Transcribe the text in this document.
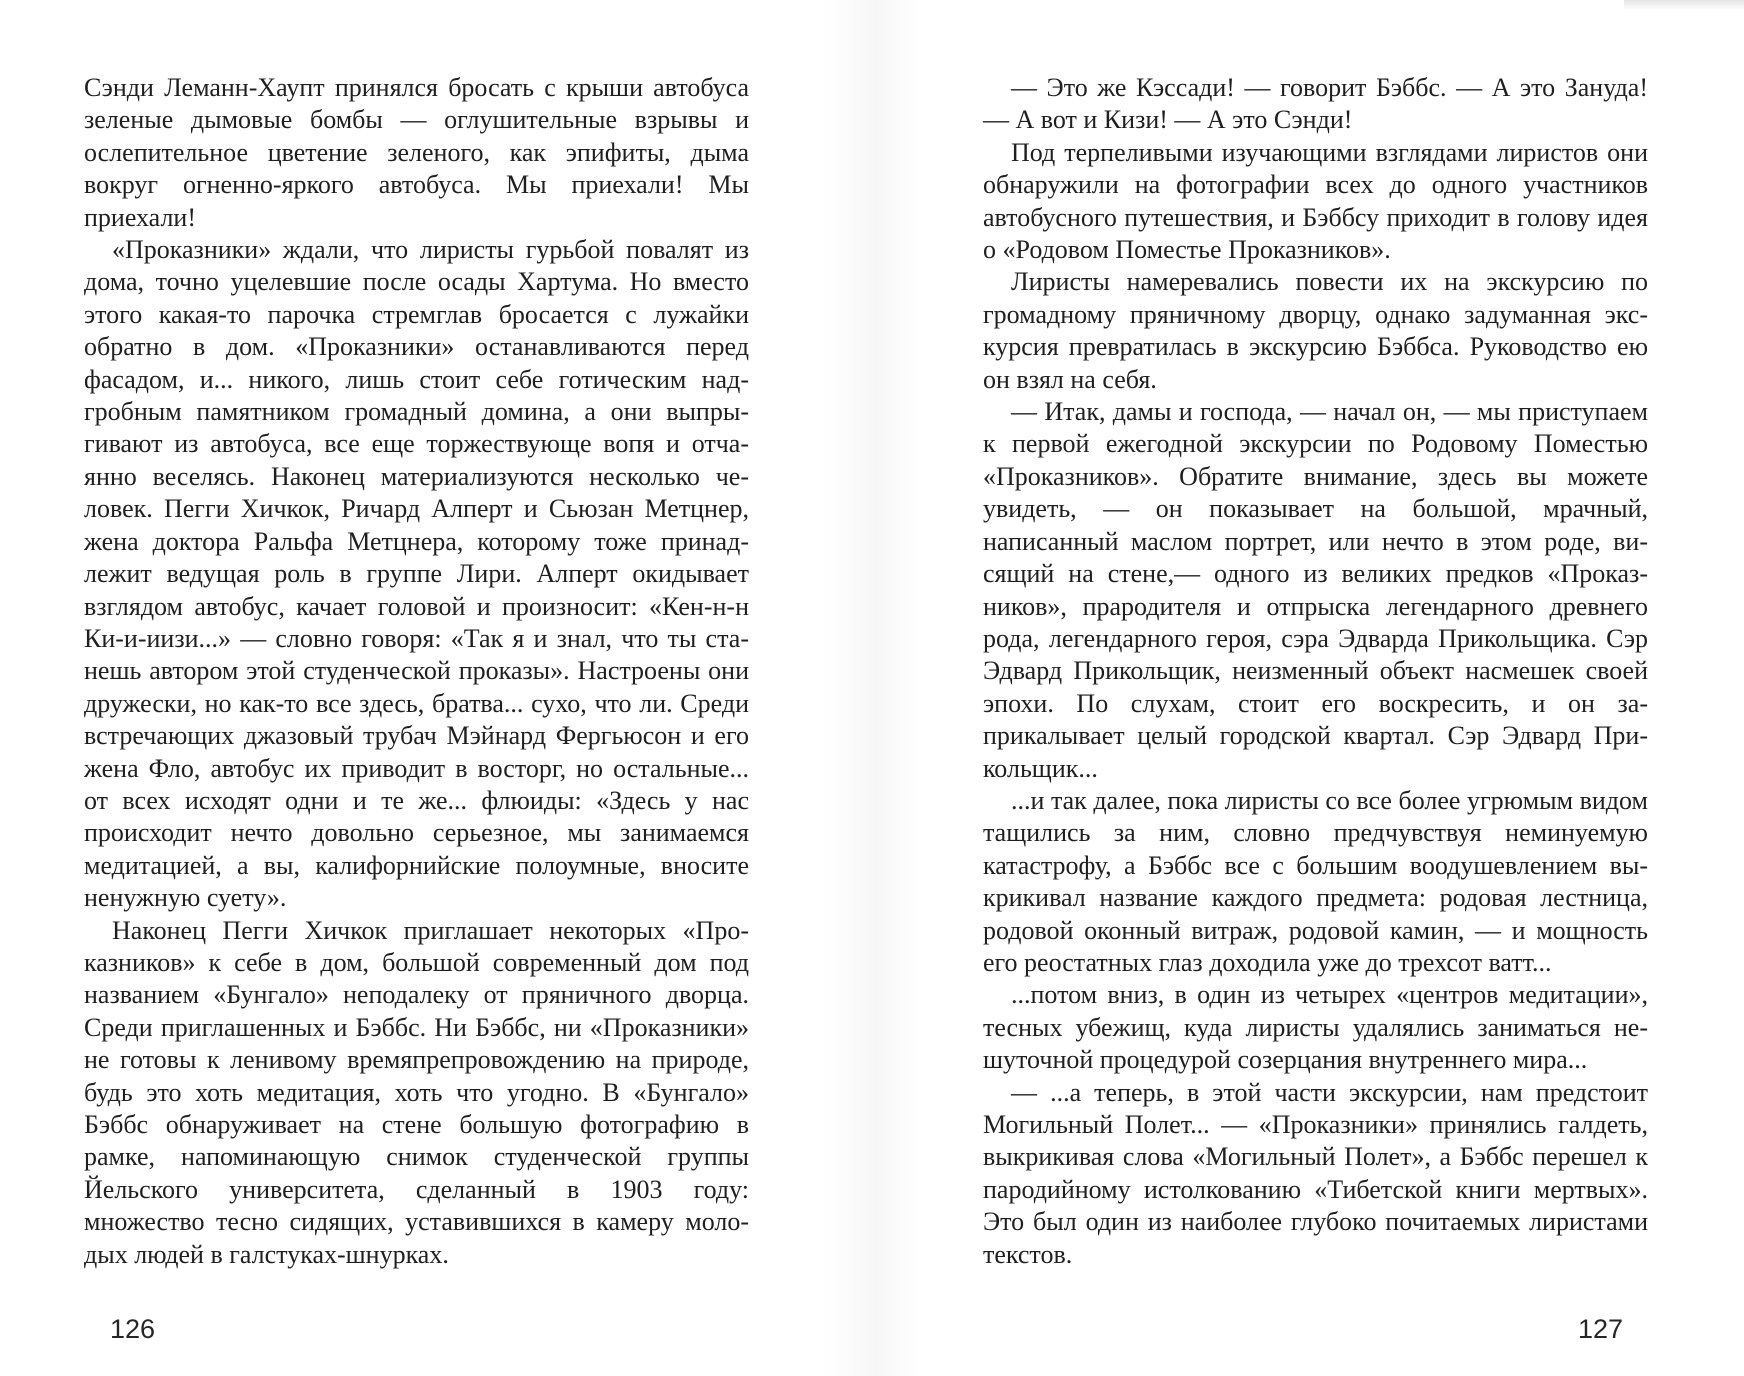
Сэнди Леманн-Хаупт принялся бросать с крыши автобуса зеленые дымовые бомбы — оглушительные взрывы и ослепительное цветение зеленого, как эпифиты, дыма вокруг огненно-яркого автобуса. Мы приехали! Мы приехали!

«Проказники» ждали, что лиристы гурьбой повалят из дома, точно уцелевшие после осады Хартума. Но вместо этого какая-то парочка стремглав бросается с лужайки обратно в дом. «Проказники» останавливаются перед фасадом, и... никого, лишь стоит себе готическим надгробным памятником громадный домина, а они выпрыгивают из автобуса, все еще торжествующе вопя и отчаянно веселясь. Наконец материализуются несколько человек. Пегги Хичкок, Ричард Алперт и Сьюзан Метцнер, жена доктора Ральфа Метцнера, которому тоже принадлежит ведущая роль в группе Лири. Алперт окидывает взглядом автобус, качает головой и произносит: «Кен-н-н Ки-и-иизи...» — словно говоря: «Так я и знал, что ты станешь автором этой студенческой проказы». Настроены они дружески, но как-то все здесь, братва... сухо, что ли. Среди встречающих джазовый трубач Мэйнард Фергьюсон и его жена Фло, автобус их приводит в восторг, но остальные... от всех исходят одни и те же... флюиды: «Здесь у нас происходит нечто довольно серьезное, мы занимаемся медитацией, а вы, калифорнийские полоумные, вносите ненужную суету».

Наконец Пегги Хичкок приглашает некоторых «Проказников» к себе в дом, большой современный дом под названием «Бунгало» неподалеку от пряничного дворца. Среди приглашенных и Бэббс. Ни Бэббс, ни «Проказники» не готовы к ленивому времяпрепровождению на природе, будь это хоть медитация, хоть что угодно. В «Бунгало» Бэббс обнаруживает на стене большую фотографию в рамке, напоминающую снимок студенческой группы Йельского университета, сделанный в 1903 году: множество тесно сидящих, уставившихся в камеру молодых людей в галстуках-шнурках.

— Это же Кэссади! — говорит Бэббс. — А это Зануда! — А вот и Кизи! — А это Сэнди!

Под терпеливыми изучающими взглядами лиристов они обнаружили на фотографии всех до одного участников автобусного путешествия, и Бэббсу приходит в голову идея о «Родовом Поместье Проказников».

Лиристы намеревались повести их на экскурсию по громадному пряничному дворцу, однако задуманная экскурсия превратилась в экскурсию Бэббса. Руководство ею он взял на себя.

— Итак, дамы и господа, — начал он, — мы приступаем к первой ежегодной экскурсии по Родовому Поместью «Проказников». Обратите внимание, здесь вы можете увидеть, — он показывает на большой, мрачный, написанный маслом портрет, или нечто в этом роде, висящий на стене,— одного из великих предков «Проказников», прародителя и отпрыска легендарного древнего рода, легендарного героя, сэра Эдварда Прикольщика. Сэр Эдвард Прикольщик, неизменный объект насмешек своей эпохи. По слухам, стоит его воскресить, и он заприкалывает целый городской квартал. Сэр Эдвард Прикольщик...

...и так далее, пока лиристы со все более угрюмым видом тащились за ним, словно предчувствуя неминуемую катастрофу, а Бэббс все с большим воодушевлением выкрикивал название каждого предмета: родовая лестница, родовой оконный витраж, родовой камин, — и мощность его реостатных глаз доходила уже до трехсот ватт...

...потом вниз, в один из четырех «центров медитации», тесных убежищ, куда лиристы удалялись заниматься нешуточной процедурой созерцания внутреннего мира...

— ...а теперь, в этой части экскурсии, нам предстоит Могильный Полет... — «Проказники» принялись галдеть, выкрикивая слова «Могильный Полет», а Бэббс перешел к пародийному истолкованию «Тибетской книги мертвых». Это был один из наиболее глубоко почитаемых лиристами текстов.

126	127
